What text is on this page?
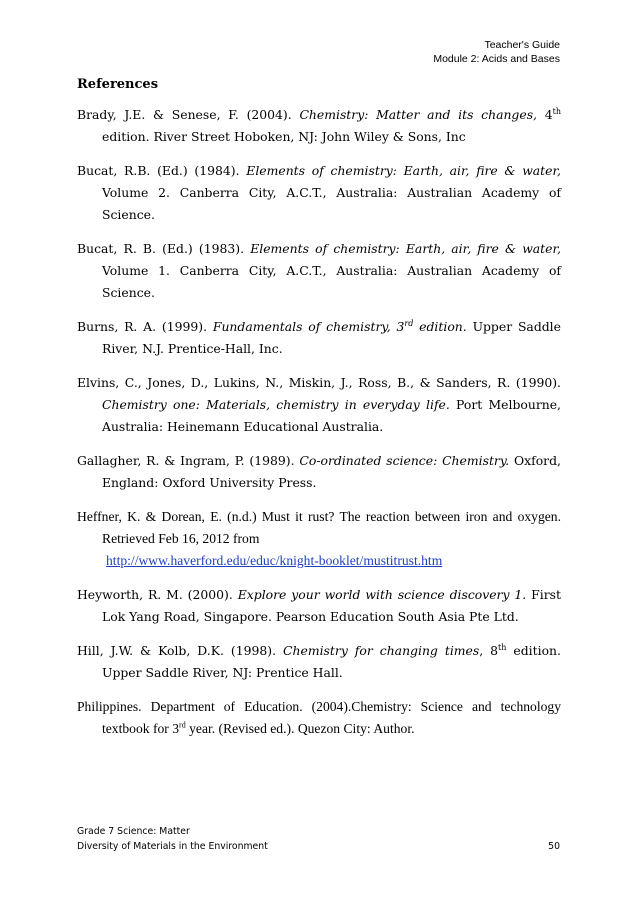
Teacher's Guide
Module 2: Acids and Bases
References
Brady, J.E. & Senese, F. (2004). Chemistry: Matter and its changes, 4th edition. River Street Hoboken, NJ: John Wiley & Sons, Inc
Bucat, R.B. (Ed.) (1984). Elements of chemistry: Earth, air, fire & water, Volume 2. Canberra City, A.C.T., Australia: Australian Academy of Science.
Bucat, R. B. (Ed.) (1983). Elements of chemistry: Earth, air, fire & water, Volume 1. Canberra City, A.C.T., Australia: Australian Academy of Science.
Burns, R. A. (1999). Fundamentals of chemistry, 3rd edition. Upper Saddle River, N.J. Prentice-Hall, Inc.
Elvins, C., Jones, D., Lukins, N., Miskin, J., Ross, B., & Sanders, R. (1990). Chemistry one: Materials, chemistry in everyday life. Port Melbourne, Australia: Heinemann Educational Australia.
Gallagher, R. & Ingram, P. (1989). Co-ordinated science: Chemistry. Oxford, England: Oxford University Press.
Heffner, K. & Dorean, E. (n.d.) Must it rust? The reaction between iron and oxygen. Retrieved Feb 16, 2012 from
http://www.haverford.edu/educ/knight-booklet/mustitrust.htm
Heyworth, R. M. (2000). Explore your world with science discovery 1. First Lok Yang Road, Singapore. Pearson Education South Asia Pte Ltd.
Hill, J.W. & Kolb, D.K. (1998). Chemistry for changing times, 8th edition. Upper Saddle River, NJ: Prentice Hall.
Philippines. Department of Education. (2004).Chemistry: Science and technology textbook for 3rd year. (Revised ed.). Quezon City: Author.
Grade 7 Science: Matter
Diversity of Materials in the Environment	50
